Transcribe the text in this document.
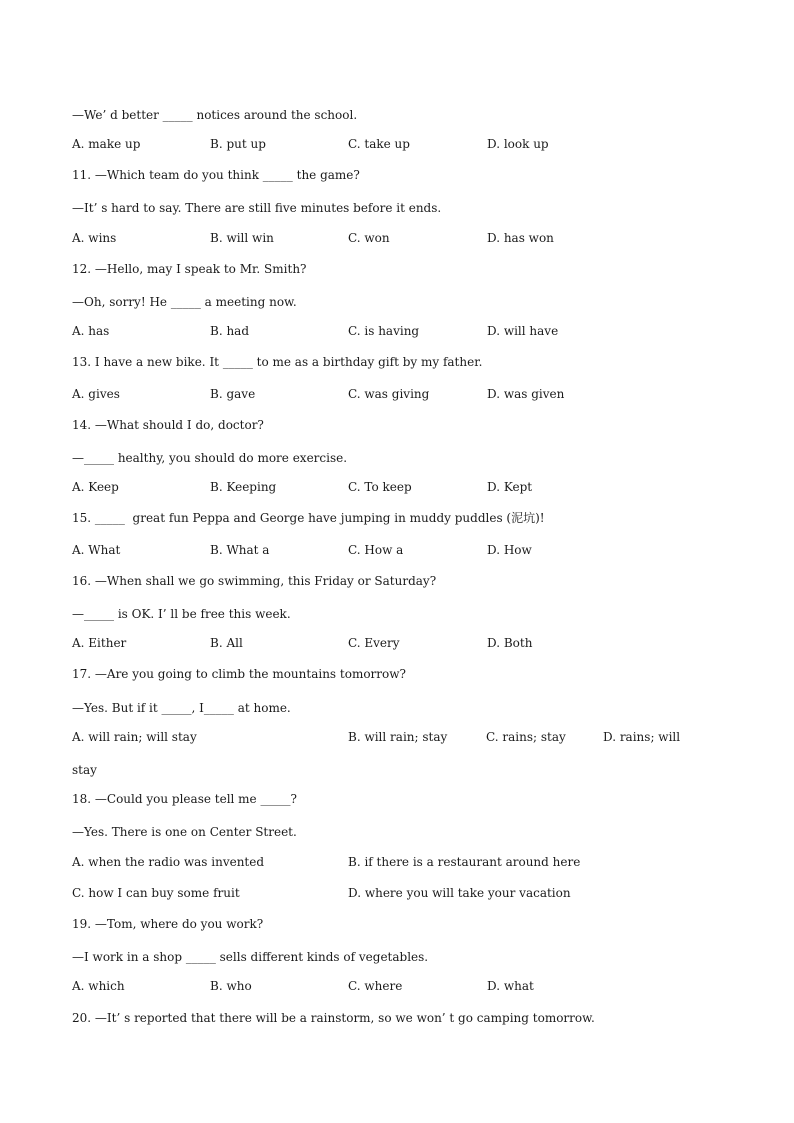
—We’ d better _____ notices around the school.
A. make up	B. put up	C. take up	D. look up
11. —Which team do you think _____ the game?
—It’ s hard to say. There are still five minutes before it ends.
A. wins	B. will win	C. won	D. has won
12. —Hello, may I speak to Mr. Smith?
—Oh, sorry! He _____ a meeting now.
A. has	B. had	C. is having	D. will have
13. I have a new bike. It _____ to me as a birthday gift by my father.
A. gives	B. gave	C. was giving	D. was given
14. —What should I do, doctor?
—_____ healthy, you should do more exercise.
A. Keep	B. Keeping	C. To keep	D. Kept
15. _____  great fun Peppa and George have jumping in muddy puddles (泥坑)!
A. What	B. What a	C. How a	D. How
16. —When shall we go swimming, this Friday or Saturday?
—_____ is OK. I’ ll be free this week.
A. Either	B. All	C. Every	D. Both
17. —Are you going to climb the mountains tomorrow?
—Yes. But if it _____, I_____ at home.
A. will rain; will stay	B. will rain; stay	C. rains; stay	D. rains; will
stay
18. —Could you please tell me _____?
—Yes. There is one on Center Street.
A. when the radio was invented	B. if there is a restaurant around here
C. how I can buy some fruit	D. where you will take your vacation
19. —Tom, where do you work?
—I work in a shop _____ sells different kinds of vegetables.
A. which	B. who	C. where	D. what
20. —It’ s reported that there will be a rainstorm, so we won’ t go camping tomorrow.
